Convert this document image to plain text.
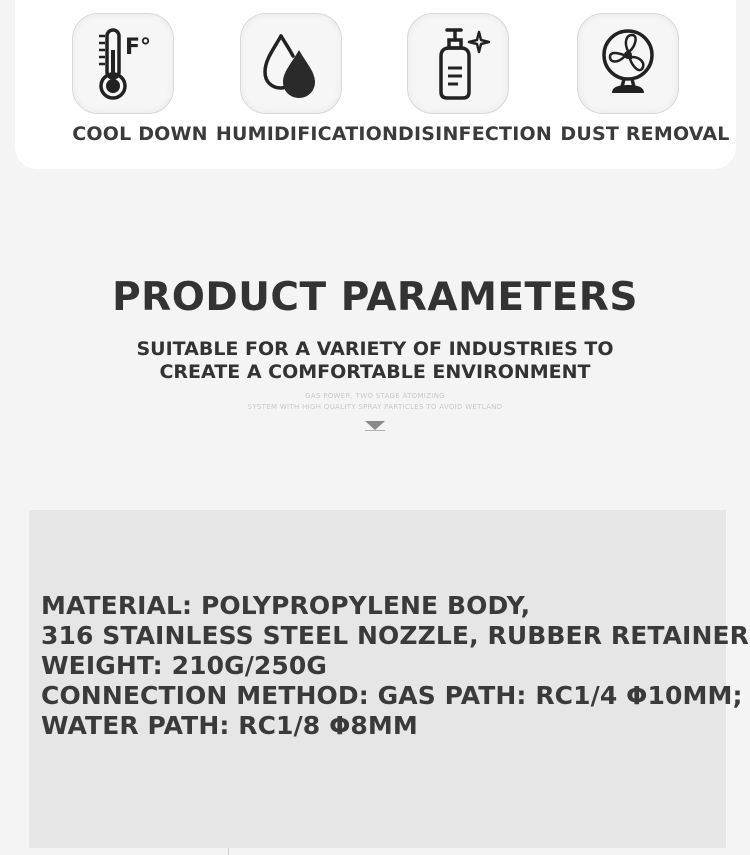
F°
COOL DOWN HUMIDIFICATION DISINFECTION DUST REMOVAL
PRODUCT PARAMETERS
SUITABLE FOR A VARIETY OF INDUSTRIES TO
CREATE A COMFORTABLE ENVIRONMENT
GAS POWER, TWO STAGE ATOMIZING
SYSTEM WITH HIGH QUALITY SPRAY PARTICLES TO AVOID WETLAND
MATERIAL: POLYPROPYLENE BODY,
316 STAINLESS STEEL NOZZLE, RUBBER RETAINER
WEIGHT: 210G/250G
CONNECTION METHOD: GAS PATH: RC1/4 Φ10MM;
WATER PATH: RC1/8 Φ8MM
